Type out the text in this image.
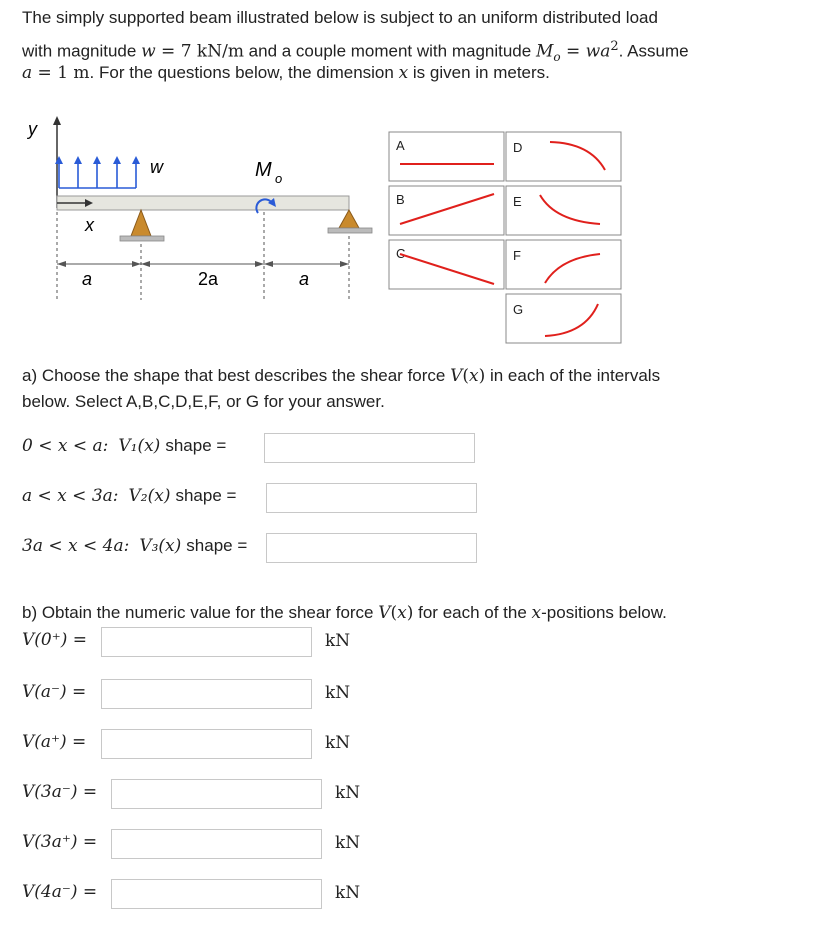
The simply supported beam illustrated below is subject to an uniform distributed load
with magnitude w = 7 kN/m and a couple moment with magnitude $M_o = wa^2$. Assume
a = 1 m. For the questions below, the dimension x is given in meters.
y
w	M o
x
a	2a	a
A
B
C
D
E
F
G
a) Choose the shape that best describes the shear force V(x) in each of the intervals
below. Select A,B,C,D,E,F, or G for your answer.
0 < x < a: V₁(x) shape =
a < x < 3a: V₂(x) shape =
3a < x < 4a: V₃(x) shape =
b) Obtain the numeric value for the shear force V(x) for each of the x-positions below.
V(0⁺) =	kN
V(a⁻) =	kN
V(a⁺) =	kN
V(3a⁻) =	kN
V(3a⁺) =	kN
V(4a⁻) =	kN
